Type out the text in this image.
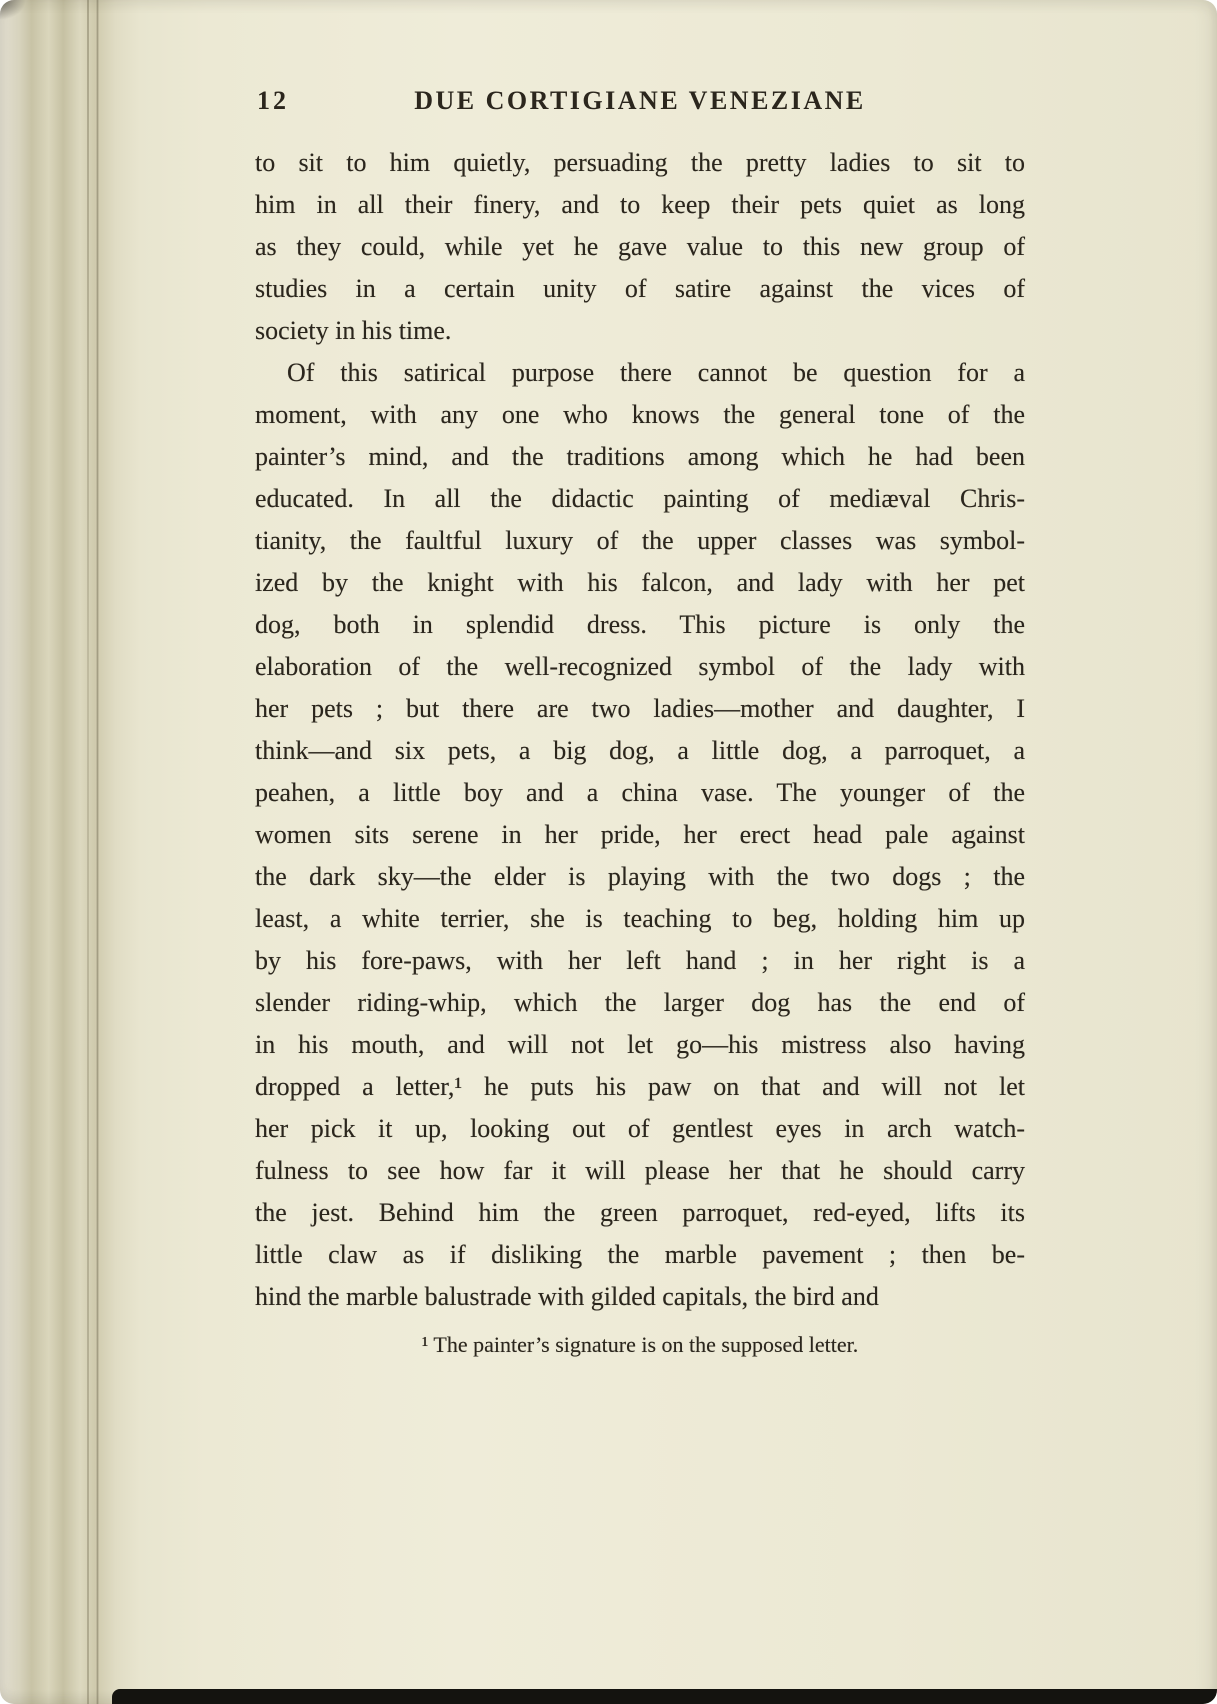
12	DUE CORTIGIANE VENEZIANE
to sit to him quietly, persuading the pretty ladies to sit to
him in all their finery, and to keep their pets quiet as long
as they could, while yet he gave value to this new group of
studies in a certain unity of satire against the vices of
society in his time.
Of this satirical purpose there cannot be question for a
moment, with any one who knows the general tone of the
painter’s mind, and the traditions among which he had been
educated. In all the didactic painting of mediæval Chris-
tianity, the faultful luxury of the upper classes was symbol-
ized by the knight with his falcon, and lady with her pet
dog, both in splendid dress. This picture is only the
elaboration of the well-recognized symbol of the lady with
her pets ; but there are two ladies—mother and daughter, I
think—and six pets, a big dog, a little dog, a parroquet, a
peahen, a little boy and a china vase. The younger of the
women sits serene in her pride, her erect head pale against
the dark sky—the elder is playing with the two dogs ; the
least, a white terrier, she is teaching to beg, holding him up
by his fore-paws, with her left hand ; in her right is a
slender riding-whip, which the larger dog has the end of
in his mouth, and will not let go—his mistress also having
dropped a letter,¹ he puts his paw on that and will not let
her pick it up, looking out of gentlest eyes in arch watch-
fulness to see how far it will please her that he should carry
the jest. Behind him the green parroquet, red-eyed, lifts its
little claw as if disliking the marble pavement ; then be-
hind the marble balustrade with gilded capitals, the bird and
¹ The painter’s signature is on the supposed letter.
